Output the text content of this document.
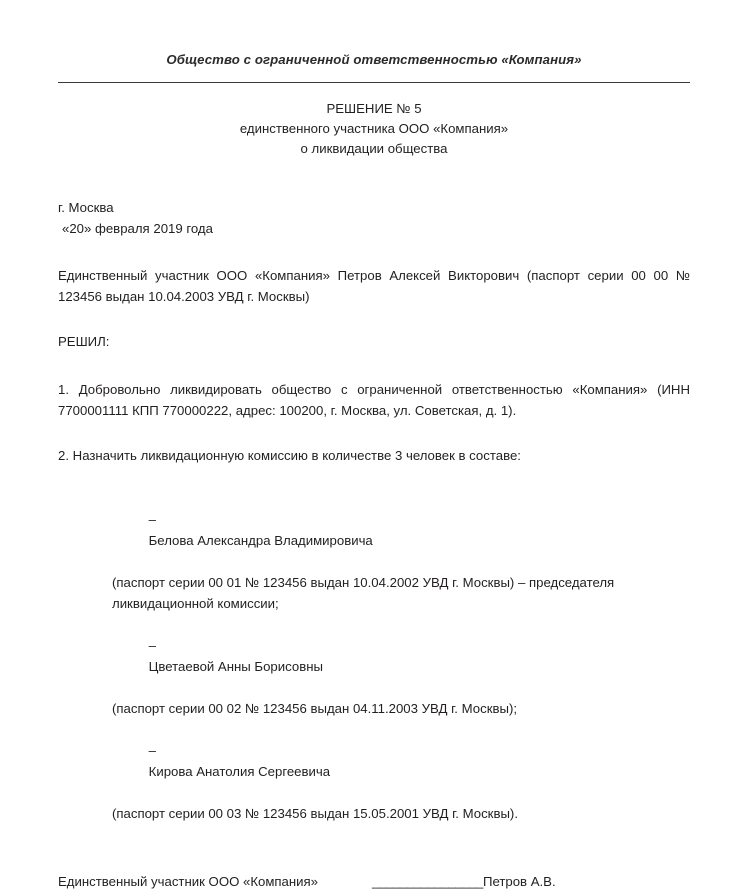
Общество с ограниченной ответственностью «Компания»
РЕШЕНИЕ № 5
единственного участника ООО «Компания»
о ликвидации общества
г. Москва
«20» февраля 2019 года
Единственный участник ООО «Компания» Петров Алексей Викторович (паспорт серии 00 00 № 123456 выдан 10.04.2003 УВД г. Москвы)
РЕШИЛ:
1. Добровольно ликвидировать общество с ограниченной ответственностью «Компания» (ИНН 7700001111 КПП 770000222, адрес: 100200, г. Москва, ул. Советская, д. 1).
2. Назначить ликвидационную комиссию в количестве 3 человек в составе:

–
Белова Александра Владимировича

(паспорт серии 00 01 № 123456 выдан 10.04.2002 УВД г. Москвы) – председателя ликвидационной комиссии;

–
Цветаевой Анны Борисовны

(паспорт серии 00 02 № 123456 выдан 04.11.2003 УВД г. Москвы);

–
Кирова Анатолия Сергеевича

(паспорт серии 00 03 № 123456 выдан 15.05.2001 УВД г. Москвы).
Единственный участник ООО «Компания»	________________ Петров А.В.
